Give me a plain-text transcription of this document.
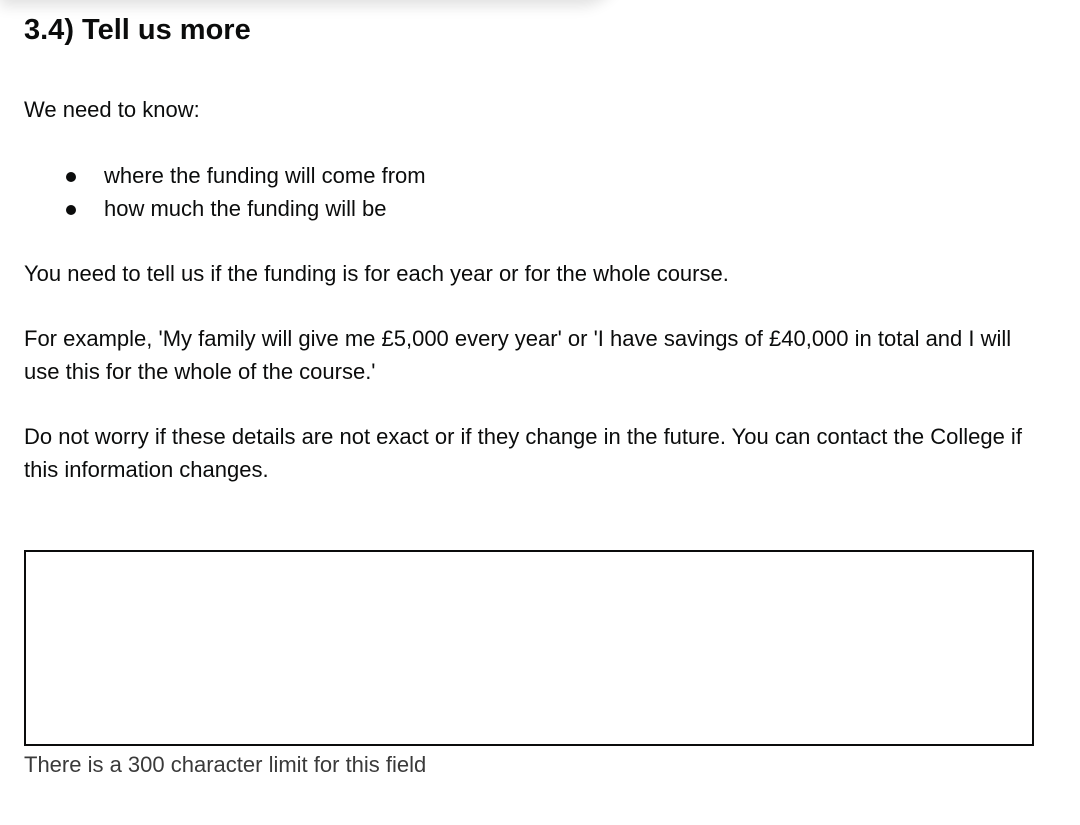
3.4) Tell us more

We need to know:

where the funding will come from
how much the funding will be

You need to tell us if the funding is for each year or for the whole course.

For example, 'My family will give me £5,000 every year' or 'I have savings of £40,000 in total and I will use this for the whole of the course.'

Do not worry if these details are not exact or if they change in the future. You can contact the College if this information changes.

There is a 300 character limit for this field
